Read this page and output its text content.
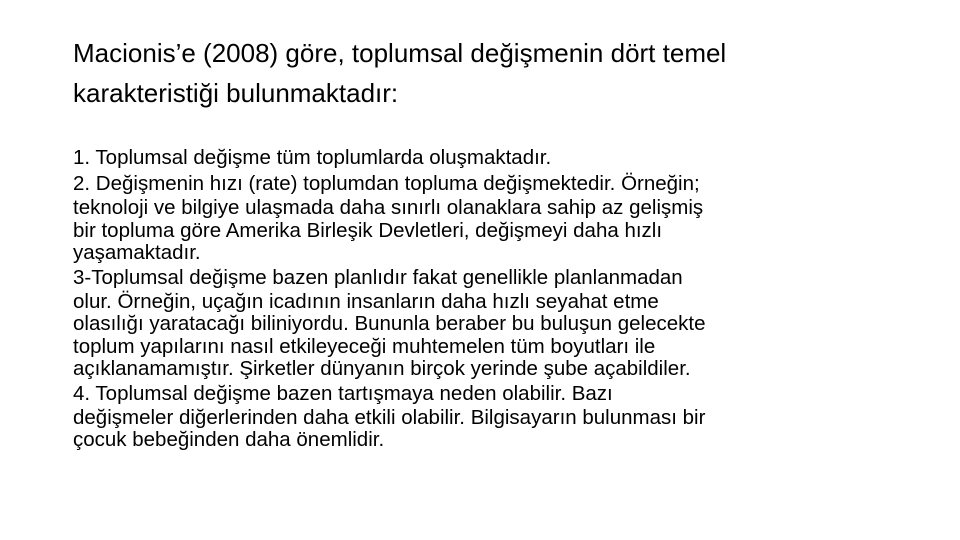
Macionis’e (2008) göre, toplumsal değişmenin dört temel
karakteristiği bulunmaktadır:

1. Toplumsal değişme tüm toplumlarda oluşmaktadır.

2. Değişmenin hızı (rate) toplumdan topluma değişmektedir. Örneğin;
teknoloji ve bilgiye ulaşmada daha sınırlı olanaklara sahip az gelişmiş
bir topluma göre Amerika Birleşik Devletleri, değişmeyi daha hızlı
yaşamaktadır.

3-Toplumsal değişme bazen planlıdır fakat genellikle planlanmadan
olur. Örneğin, uçağın icadının insanların daha hızlı seyahat etme
olasılığı yaratacağı biliniyordu. Bununla beraber bu buluşun gelecekte
toplum yapılarını nasıl etkileyeceği muhtemelen tüm boyutları ile
açıklanamamıştır. Şirketler dünyanın birçok yerinde şube açabildiler.

4. Toplumsal değişme bazen tartışmaya neden olabilir. Bazı
değişmeler diğerlerinden daha etkili olabilir. Bilgisayarın bulunması bir
çocuk bebeğinden daha önemlidir.
